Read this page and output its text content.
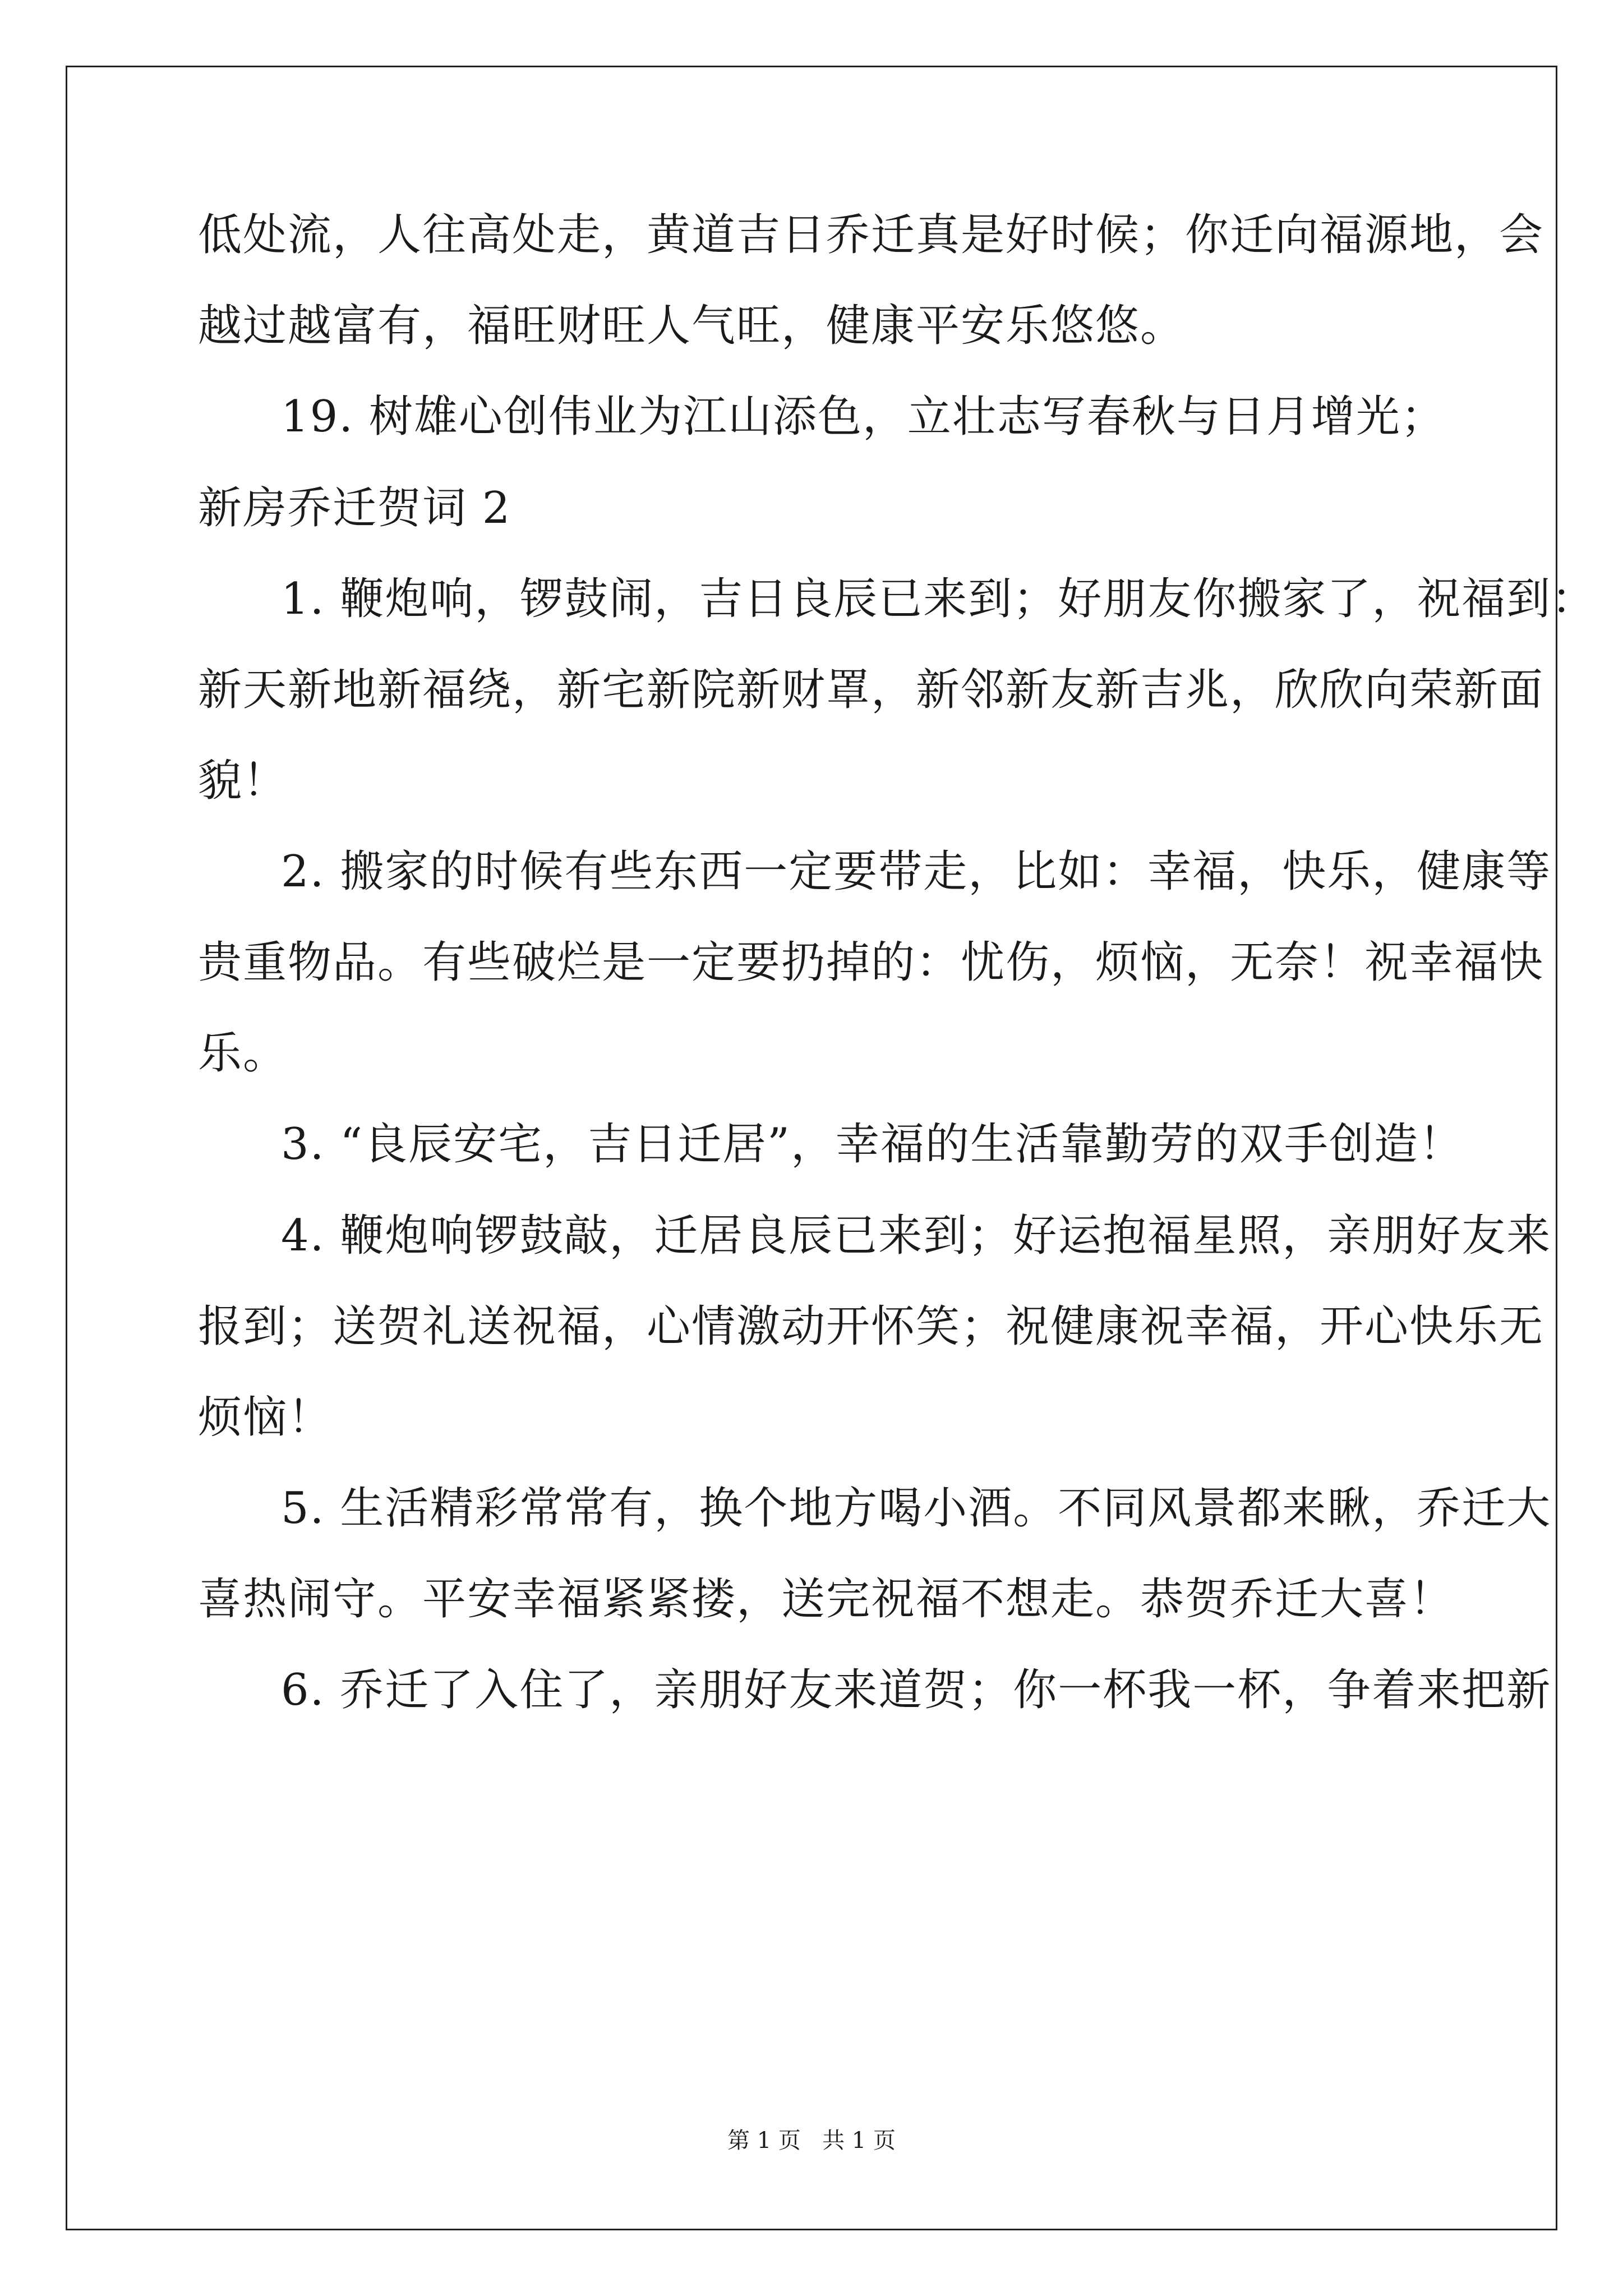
低处流，人往高处走，黄道吉日乔迁真是好时候；你迁向福源地，会
越过越富有，福旺财旺人气旺，健康平安乐悠悠。
19. 树雄心创伟业为江山添色，立壮志写春秋与日月增光；
新房乔迁贺词 2
1. 鞭炮响，锣鼓闹，吉日良辰已来到；好朋友你搬家了，祝福到：
新天新地新福绕，新宅新院新财罩，新邻新友新吉兆，欣欣向荣新面
貌！
2. 搬家的时候有些东西一定要带走，比如：幸福，快乐，健康等
贵重物品。有些破烂是一定要扔掉的：忧伤，烦恼，无奈！祝幸福快
乐。
3. “良辰安宅，吉日迁居”，幸福的生活靠勤劳的双手创造！
4. 鞭炮响锣鼓敲，迁居良辰已来到；好运抱福星照，亲朋好友来
报到；送贺礼送祝福，心情激动开怀笑；祝健康祝幸福，开心快乐无
烦恼！
5. 生活精彩常常有，换个地方喝小酒。不同风景都来瞅，乔迁大
喜热闹守。平安幸福紧紧搂，送完祝福不想走。恭贺乔迁大喜！
6. 乔迁了入住了，亲朋好友来道贺；你一杯我一杯，争着来把新
第 1 页   共 1 页
